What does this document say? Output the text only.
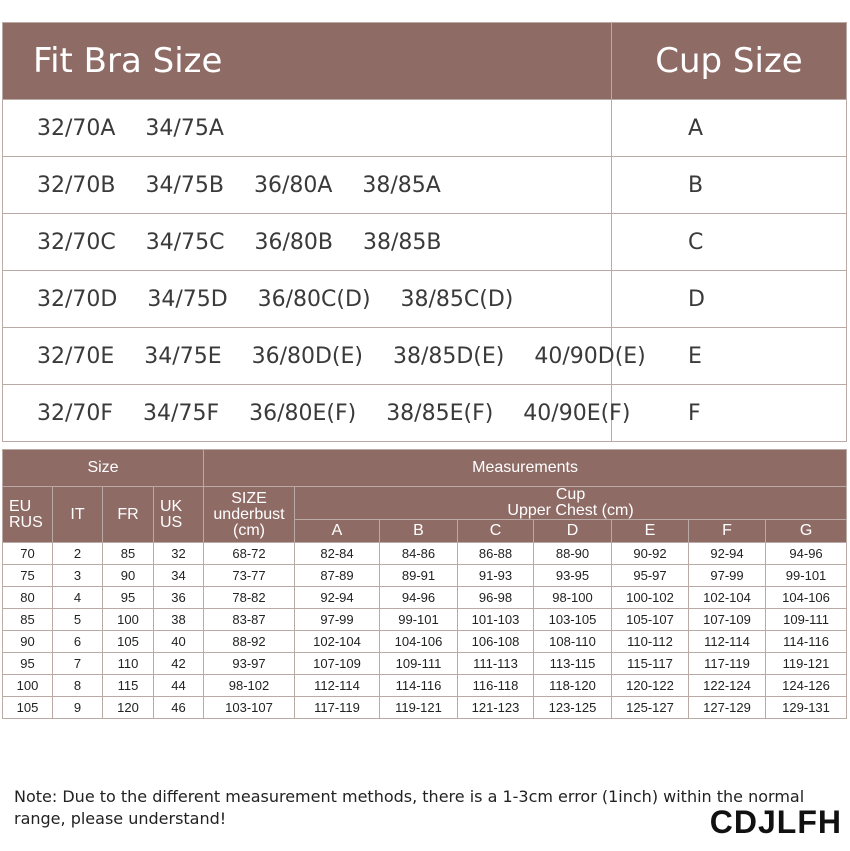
Fit Bra Size	Cup Size
32/70A  34/75A	A
32/70B  34/75B  36/80A  38/85A	B
32/70C  34/75C  36/80B  38/85B	C
32/70D  34/75D  36/80C(D)  38/85C(D)	D
32/70E  34/75E  36/80D(E)  38/85D(E)  40/90D(E)	E
32/70F  34/75F  36/80E(F)  38/85E(F)  40/90E(F)	F
Size				Measurements							
EU RUS	IT	FR	UK US	SIZE underbust (cm)	Cup
Upper Chest (cm)						

					A	B	C	D	E	F	G
70	2	85	32	68-72	82-84	84-86	86-88	88-90	90-92	92-94	94-96
75	3	90	34	73-77	87-89	89-91	91-93	93-95	95-97	97-99	99-101
80	4	95	36	78-82	92-94	94-96	96-98	98-100	100-102	102-104	104-106
85	5	100	38	83-87	97-99	99-101	101-103	103-105	105-107	107-109	109-111
90	6	105	40	88-92	102-104	104-106	106-108	108-110	110-112	112-114	114-116
95	7	110	42	93-97	107-109	109-111	111-113	113-115	115-117	117-119	119-121
100	8	115	44	98-102	112-114	114-116	116-118	118-120	120-122	122-124	124-126
105	9	120	46	103-107	117-119	119-121	121-123	123-125	125-127	127-129	129-131
Note: Due to the different measurement methods, there is a 1-3cm error (1inch) within the normal range, please understand!	CDJLFH
